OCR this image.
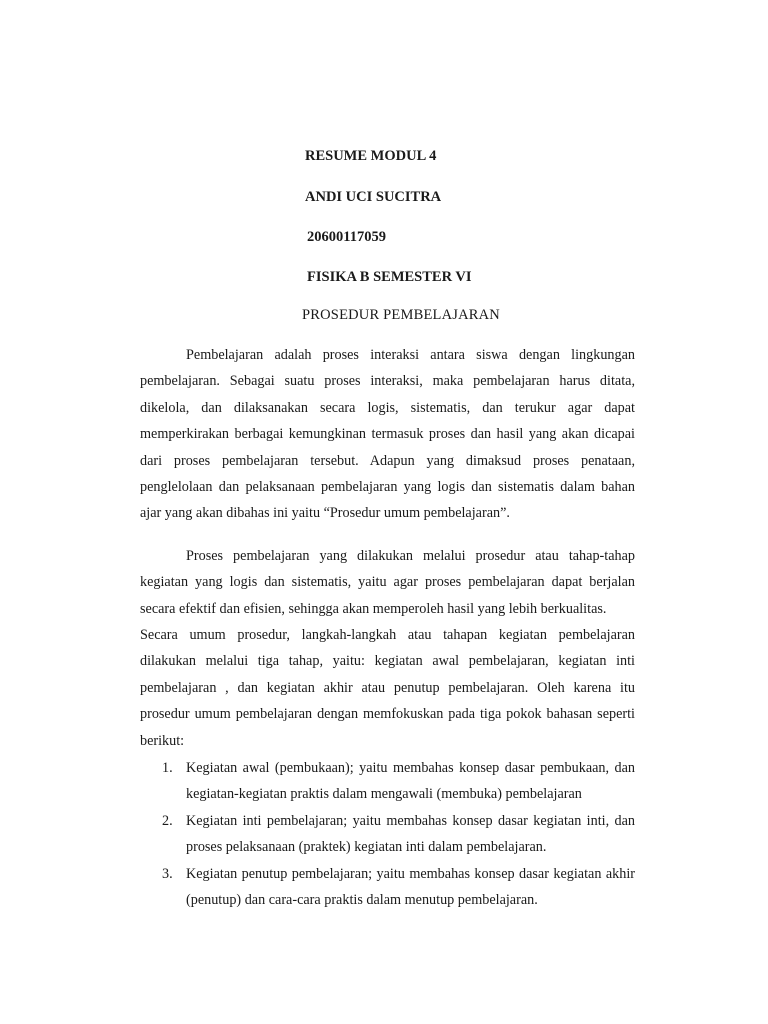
RESUME MODUL 4
ANDI UCI SUCITRA
20600117059
FISIKA B SEMESTER VI
PROSEDUR PEMBELAJARAN

Pembelajaran adalah proses interaksi antara siswa dengan lingkungan pembelajaran. Sebagai suatu proses interaksi, maka pembelajaran harus ditata, dikelola, dan dilaksanakan secara logis, sistematis, dan terukur agar dapat memperkirakan berbagai kemungkinan termasuk proses dan hasil yang akan dicapai dari proses pembelajaran tersebut. Adapun yang dimaksud proses penataan, penglelolaan dan pelaksanaan pembelajaran yang logis dan sistematis dalam bahan ajar yang akan dibahas ini yaitu “Prosedur umum pembelajaran”.

Proses pembelajaran yang dilakukan melalui prosedur atau tahap-tahap kegiatan yang logis dan sistematis, yaitu agar proses pembelajaran dapat berjalan secara efektif dan efisien, sehingga akan memperoleh hasil yang lebih berkualitas.

Secara umum prosedur, langkah-langkah atau tahapan kegiatan pembelajaran dilakukan melalui tiga tahap, yaitu: kegiatan awal pembelajaran, kegiatan inti pembelajaran , dan kegiatan akhir atau penutup pembelajaran. Oleh karena itu prosedur umum pembelajaran dengan memfokuskan pada tiga pokok bahasan seperti berikut:

1. Kegiatan awal (pembukaan); yaitu membahas konsep dasar pembukaan, dan kegiatan-kegiatan praktis dalam mengawali (membuka) pembelajaran
2. Kegiatan inti pembelajaran; yaitu membahas konsep dasar kegiatan inti, dan proses pelaksanaan (praktek) kegiatan inti dalam pembelajaran.
3. Kegiatan penutup pembelajaran; yaitu membahas konsep dasar kegiatan akhir (penutup) dan cara-cara praktis dalam menutup pembelajaran.
